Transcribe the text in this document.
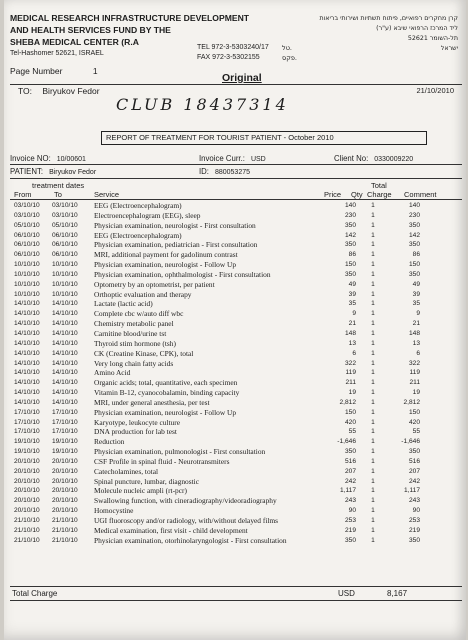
MEDICAL RESEARCH INFRASTRUCTURE DEVELOPMENT
AND HEALTH SERVICES FUND BY THE
SHEBA MEDICAL CENTER (R.A
Tel-Hashomer 52621, ISRAEL
TEL 972-3-5303240/17
FAX 972-3-5302155
טל.
פקס.
קרן מחקרים רפואיים, פיתוח תשתיות ושירותי בריאות
ליד המרכז הרפואי שיבא (ע"ר)
תל-השומר 52621
ישראל
Page Number	1
Original
TO: Biryukov Fedor	21/10/2010
CLUB 18437314
REPORT OF TREATMENT FOR TOURIST PATIENT - October 2010
Invoice NO: 10/00601	Invoice Curr.: USD	Client No: 0330009220
PATIENT: Biryukov Fedor	ID: 880053275
treatment dates
From	To	Service	Price Qty
Total
Charge Comment
03/10/10 03/10/10 EEG (Electroencephalogram)	140	1	140
03/10/10 03/10/10 Electroencephalogram (EEG), sleep	230	1	230
05/10/10 05/10/10 Physician examination, neurologist - First consultation	350	1	350
06/10/10 06/10/10 EEG (Electroencephalogram)	142	1	142
06/10/10 06/10/10 Physician examination, pediatrician - First consultation	350	1	350
06/10/10 06/10/10 MRI, additional payment for gadolinum contrast	86	1	86
10/10/10 10/10/10 Physician examination, neurologist - Follow Up	150	1	150
10/10/10 10/10/10 Physician examination, ophthalmologist - First consultation	350	1	350
10/10/10 10/10/10 Optometry by an optometrist, per patient	49	1	49
10/10/10 10/10/10 Orthoptic evaluation and therapy	39	1	39
14/10/10 14/10/10 Lactate (lactic acid)	35	1	35
14/10/10 14/10/10 Complete cbc w/auto diff wbc	9	1	9
14/10/10 14/10/10 Chemistry metabolic panel	21	1	21
14/10/10 14/10/10 Carnitine blood/urine tst	148	1	148
14/10/10 14/10/10 Thyroid stim hormone (tsh)	13	1	13
14/10/10 14/10/10 CK (Creatine Kinase, CPK), total	6	1	6
14/10/10 14/10/10 Very long chain fatty acids	322	1	322
14/10/10 14/10/10 Amino Acid	119	1	119
14/10/10 14/10/10 Organic acids; total, quantitative, each specimen	211	1	211
14/10/10 14/10/10 Vitamin B-12, cyanocobalamin, binding capacity	19	1	19
14/10/10 14/10/10 MRI, under general anesthesia, per test	2,812	1	2,812
17/10/10 17/10/10 Physician examination, neurologist - Follow Up	150	1	150
17/10/10 17/10/10 Karyotype, leukocyte culture	420	1	420
17/10/10 17/10/10 DNA production for lab test	55	1	55
19/10/10 19/10/10 Reduction	-1,646	1	-1,646
19/10/10 19/10/10 Physician examination, pulmonologist - First consultation	350	1	350
20/10/10 20/10/10 CSF Profile in spinal fluid - Neurotransmiters	516	1	516
20/10/10 20/10/10 Catecholamines, total	207	1	207
20/10/10 20/10/10 Spinal puncture, lumbar, diagnostic	242	1	242
20/10/10 20/10/10 Molecule nucleic ampli (rt-pcr)	1,117	1	1,117
20/10/10 20/10/10 Swallowing function, with cineradiography/videoradiography	243	1	243
20/10/10 20/10/10 Homocystine	90	1	90
21/10/10 21/10/10 UGI fluoroscopy and/or radiology, with/without delayed films	253	1	253
21/10/10 21/10/10 Medical examination, first visit - child development	219	1	219
21/10/10 21/10/10 Physician examination, otorhinolaryngologist - First consultation	350	1	350
Total Charge	USD	8,167
